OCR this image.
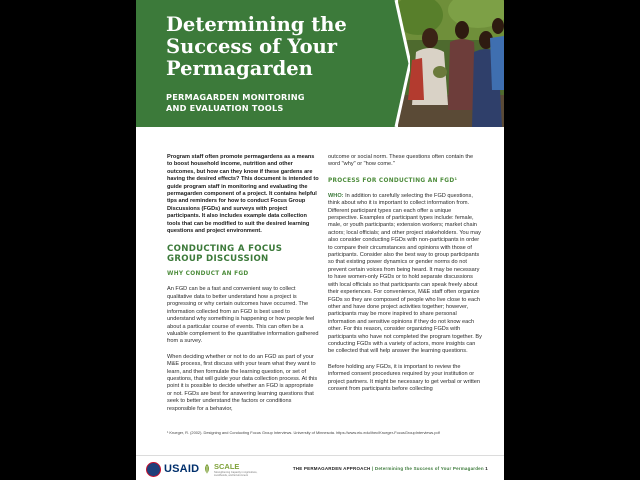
Determining the Success of Your Permagarden
PERMAGARDEN MONITORING
AND EVALUATION TOOLS

Program staff often promote permagardens as a means to boost household income, nutrition and other outcomes, but how can they know if these gardens are having the desired effects? This document is intended to guide program staff in monitoring and evaluating the permagarden component of a project. It contains helpful tips and reminders for how to conduct Focus Group Discussions (FGDs) and surveys with project participants. It also includes example data collection tools that can be modified to suit the desired learning questions and project environment.

CONDUCTING A FOCUS
GROUP DISCUSSION
WHY CONDUCT AN FGD

An FGD can be a fast and convenient way to collect qualitative data to better understand how a project is progressing or why certain outcomes have occurred. The information collected from an FGD is best used to understand why something is happening or how people feel about a particular course of events. This can often be a valuable complement to the quantitative information gathered from a survey.

When deciding whether or not to do an FGD as part of your M&E process, first discuss with your team what they want to learn, and then formulate the learning question, or set of questions, that will guide your data collection process. At this point it is possible to decide whether an FGD is appropriate or not. FGDs are best for answering learning questions that seek to better understand the factors or conditions responsible for a behavior,

outcome or social norm. These questions often contain the word "why" or "how come."

PROCESS FOR CONDUCTING AN FGD¹

WHO: In addition to carefully selecting the FGD questions, think about who it is important to collect information from. Different participant types can each offer a unique perspective. Examples of participant types include: female, male, or youth participants; extension workers; market chain actors; local officials; and other project stakeholders. You may also consider conducting FGDs with non-participants in order to compare their circumstances and opinions with those of participants. Consider also the best way to group participants so that existing power dynamics or gender norms do not prevent certain voices from being heard. It may be necessary to have women-only FGDs or to hold separate discussions with local officials so that participants can speak freely about their experiences. For convenience, M&E staff often organize FGDs so they are composed of people who live close to each other and have done project activities together; however, participants may be more inspired to share personal information and sensitive opinions if they do not know each other. For this reason, consider organizing FGDs with participants who have not completed the program together. By conducting FGDs with a variety of actors, more insights can be collected that will help answer the learning questions.

Before holding any FGDs, it is important to review the informed consent procedures required by your institution or project partners. It might be necessary to get verbal or written consent from participants before collecting

¹ Krueger, R. (2002). Designing and Conducting Focus Group Interviews. University of Minnesota. https://www.eiu.edu/ihec/Krueger-FocusGroupInterviews.pdf
USAID SCALE
Strengthening Capacity in Agriculture, Livelihoods, and Environment
THE PERMAGARDEN APPROACH | Determining the Success of Your Permagarden 1
